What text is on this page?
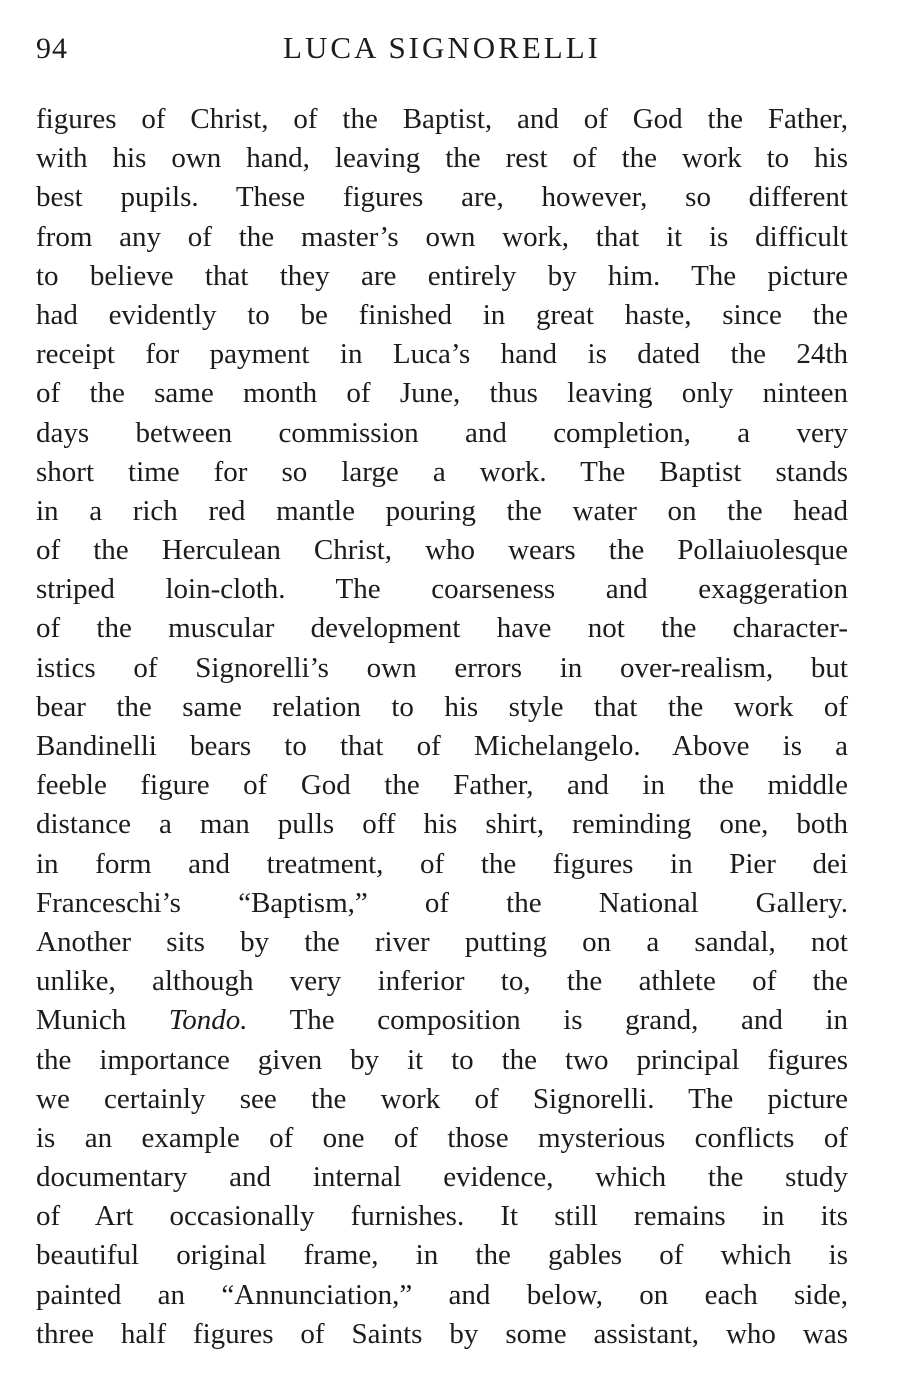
94	LUCA SIGNORELLI
figures of Christ, of the Baptist, and of God the Father,
with his own hand, leaving the rest of the work to his
best pupils. These figures are, however, so different
from any of the master’s own work, that it is difficult
to believe that they are entirely by him. The picture
had evidently to be finished in great haste, since the
receipt for payment in Luca’s hand is dated the 24th
of the same month of June, thus leaving only ninteen
days between commission and completion, a very
short time for so large a work. The Baptist stands
in a rich red mantle pouring the water on the head
of the Herculean Christ, who wears the Pollaiuolesque
striped loin-cloth. The coarseness and exaggeration
of the muscular development have not the character-
istics of Signorelli’s own errors in over-realism, but
bear the same relation to his style that the work of
Bandinelli bears to that of Michelangelo. Above is a
feeble figure of God the Father, and in the middle
distance a man pulls off his shirt, reminding one, both
in form and treatment, of the figures in Pier dei
Franceschi’s “Baptism,” of the National Gallery.
Another sits by the river putting on a sandal, not
unlike, although very inferior to, the athlete of the
Munich Tondo. The composition is grand, and in
the importance given by it to the two principal figures
we certainly see the work of Signorelli. The picture
is an example of one of those mysterious conflicts of
documentary and internal evidence, which the study
of Art occasionally furnishes. It still remains in its
beautiful original frame, in the gables of which is
painted an “Annunciation,” and below, on each side,
three half figures of Saints by some assistant, who was
